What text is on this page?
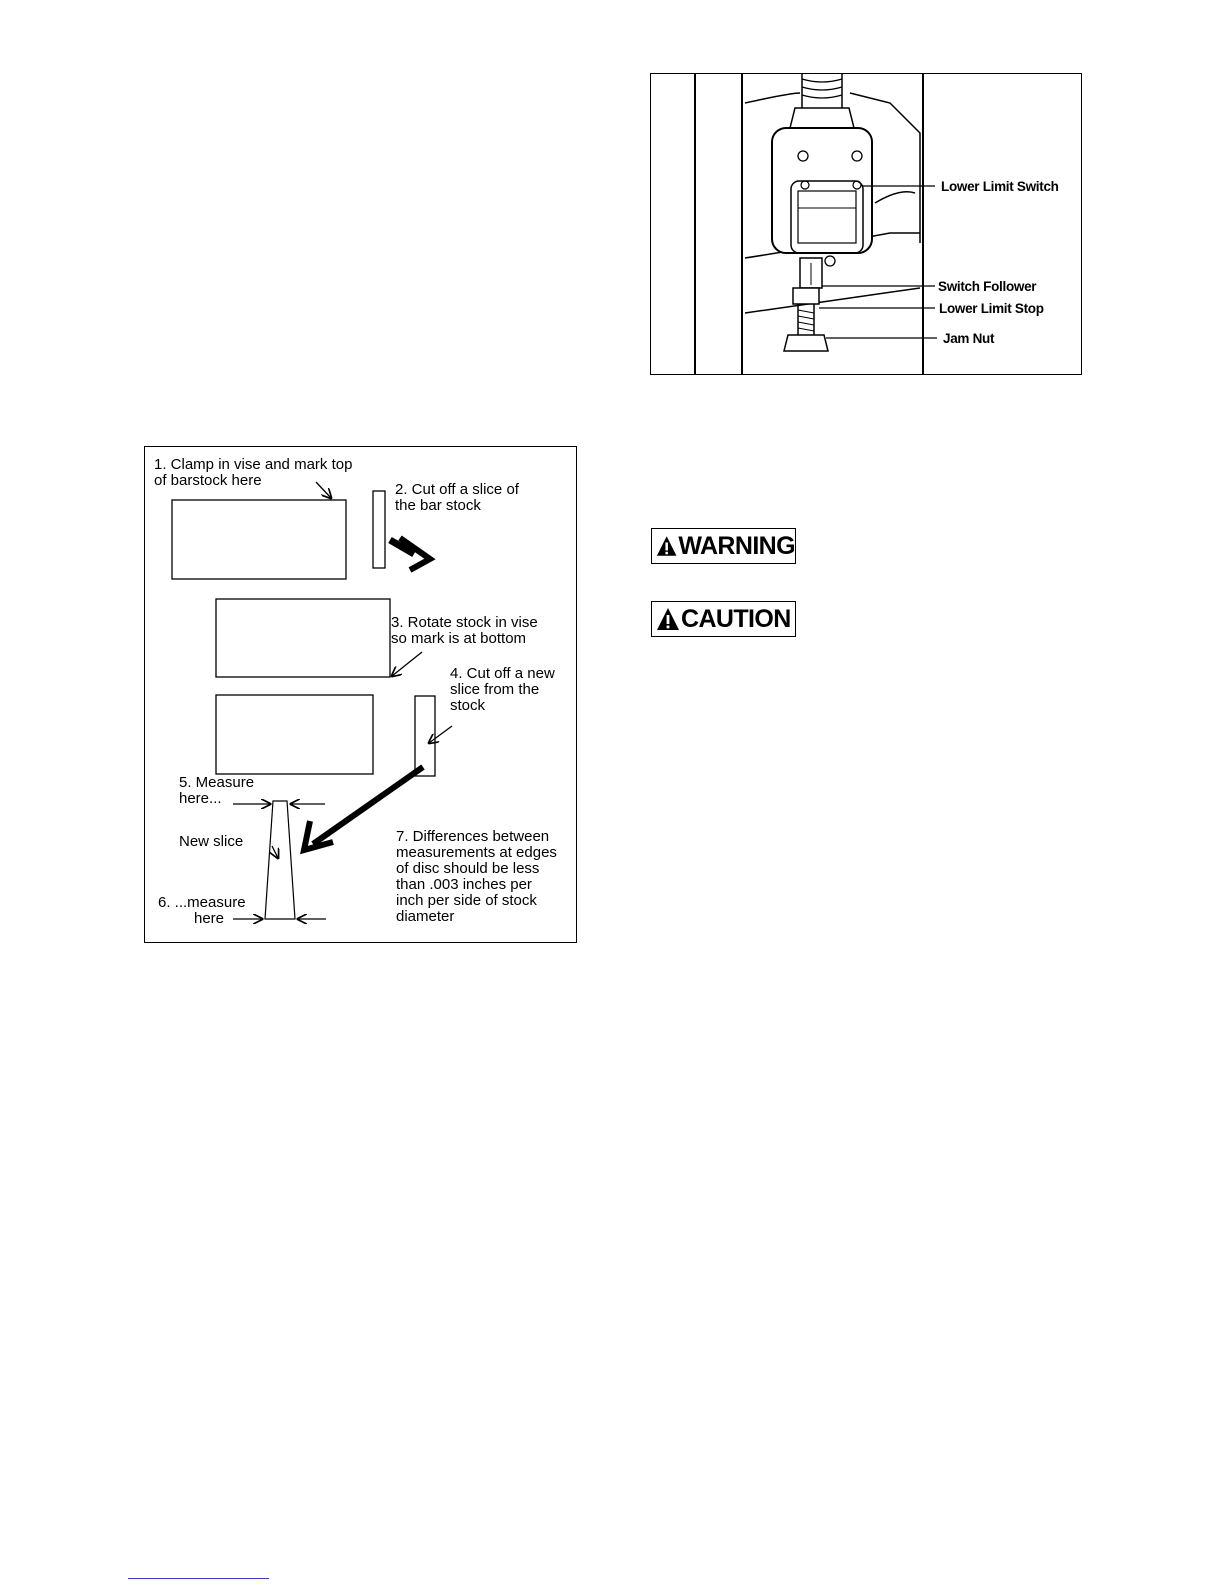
Lower Limit Switch
Switch Follower
Lower Limit Stop
Jam Nut
WARNING
CAUTION
1. Clamp in vise and mark top
of barstock here
2. Cut off a slice of
the bar stock
3. Rotate stock in vise
so mark is at bottom
4. Cut off a new
slice from the
stock
5. Measure
here...
New slice
6. ...measure
here
7. Differences between
measurements at edges
of disc should be less
than .003 inches per
inch per side of stock
diameter
